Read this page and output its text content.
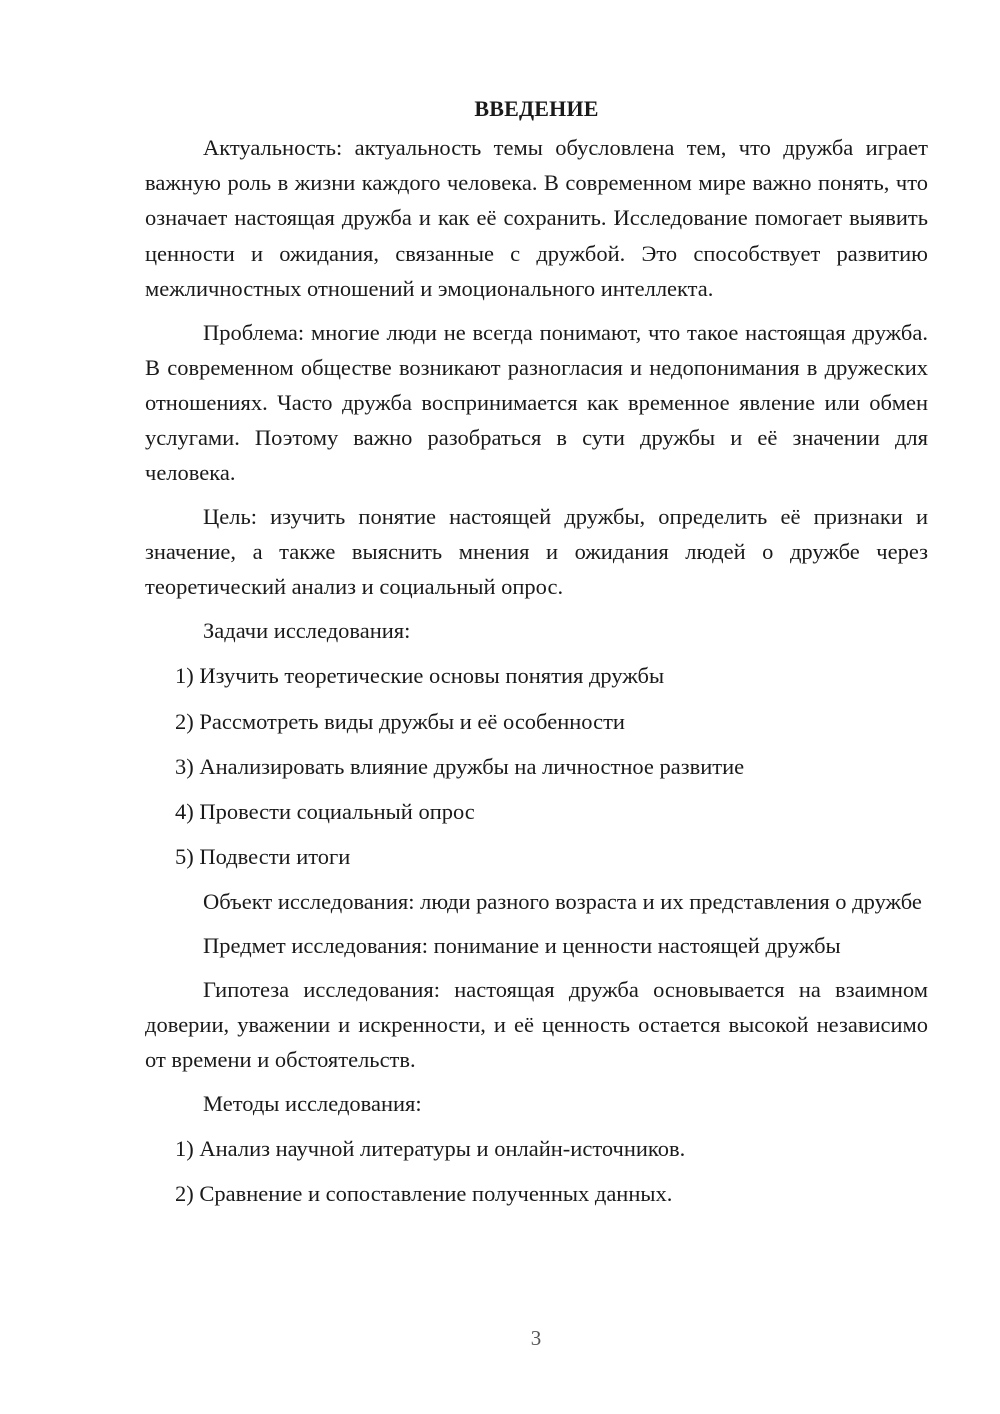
ВВЕДЕНИЕ

Актуальность: актуальность темы обусловлена тем, что дружба играет важную роль в жизни каждого человека. В современном мире важно понять, что означает настоящая дружба и как её сохранить. Исследование помогает выявить ценности и ожидания, связанные с дружбой. Это способствует развитию межличностных отношений и эмоционального интеллекта.

Проблема: многие люди не всегда понимают, что такое настоящая дружба. В современном обществе возникают разногласия и недопонимания в дружеских отношениях. Часто дружба воспринимается как временное явление или обмен услугами. Поэтому важно разобраться в сути дружбы и её значении для человека.

Цель: изучить понятие настоящей дружбы, определить её признаки и значение, а также выяснить мнения и ожидания людей о дружбе через теоретический анализ и социальный опрос.

Задачи исследования:

1) Изучить теоретические основы понятия дружбы
2) Рассмотреть виды дружбы и её особенности
3) Анализировать влияние дружбы на личностное развитие
4) Провести социальный опрос
5) Подвести итоги

Объект исследования: люди разного возраста и их представления о дружбе

Предмет исследования: понимание и ценности настоящей дружбы

Гипотеза исследования: настоящая дружба основывается на взаимном доверии, уважении и искренности, и её ценность остается высокой независимо от времени и обстоятельств.

Методы исследования:

1) Анализ научной литературы и онлайн-источников.
2) Сравнение и сопоставление полученных данных.
3
